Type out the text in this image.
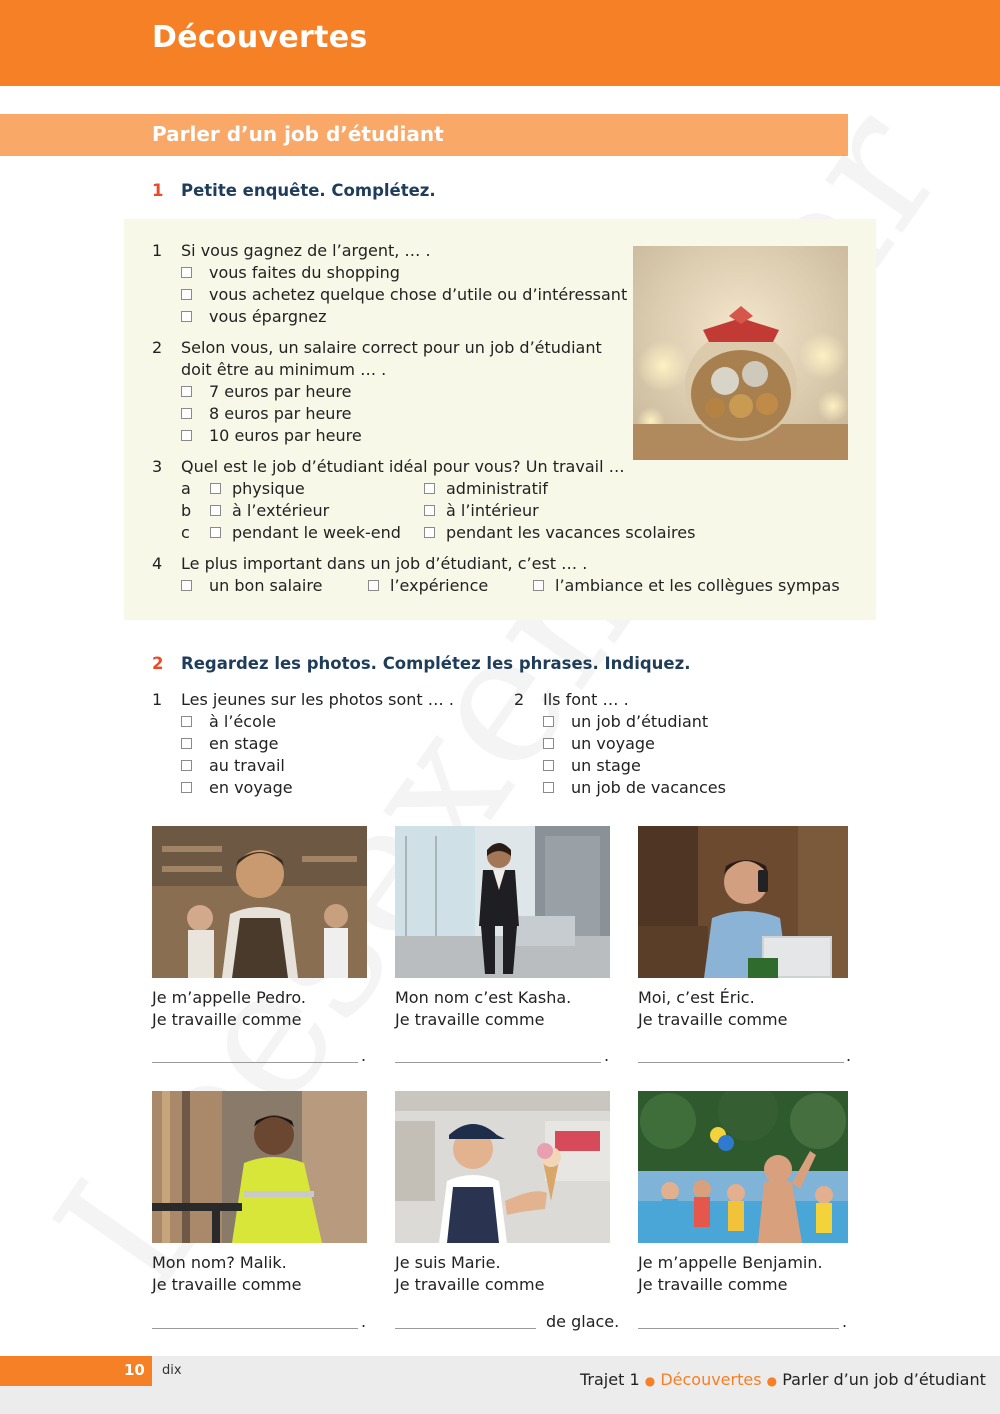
Découvertes
Parler d’un job d’étudiant
1 Petite enquête. Complétez.
1 Si vous gagnez de l’argent, … .
vous faites du shopping
vous achetez quelque chose d’utile ou d’intéressant
vous épargnez
2 Selon vous, un salaire correct pour un job d’étudiant
doit être au minimum … .
7 euros par heure
8 euros par heure
10 euros par heure
3 Quel est le job d’étudiant idéal pour vous? Un travail …
a	physique	administratif
b	à l’extérieur	à l’intérieur
c	pendant le week-end	pendant les vacances scolaires
4 Le plus important dans un job d’étudiant, c’est … .
un bon salaire	l’expérience	l’ambiance et les collègues sympas
2 Regardez les photos. Complétez les phrases. Indiquez.
1 Les jeunes sur les photos sont … .
à l’école
en stage
au travail
en voyage
2 Ils font … .
un job d’étudiant
un voyage
un stage
un job de vacances
Je m’appelle Pedro.
Je travaille comme
.
Mon nom c’est Kasha.
Je travaille comme
.
Moi, c’est Éric.
Je travaille comme
.
Mon nom? Malik.
Je travaille comme
.
Je suis Marie.
Je travaille comme
de glace.
Je m’appelle Benjamin.
Je travaille comme
.
10 dix	Trajet 1 ● Découvertes ● Parler d’un job d’étudiant
